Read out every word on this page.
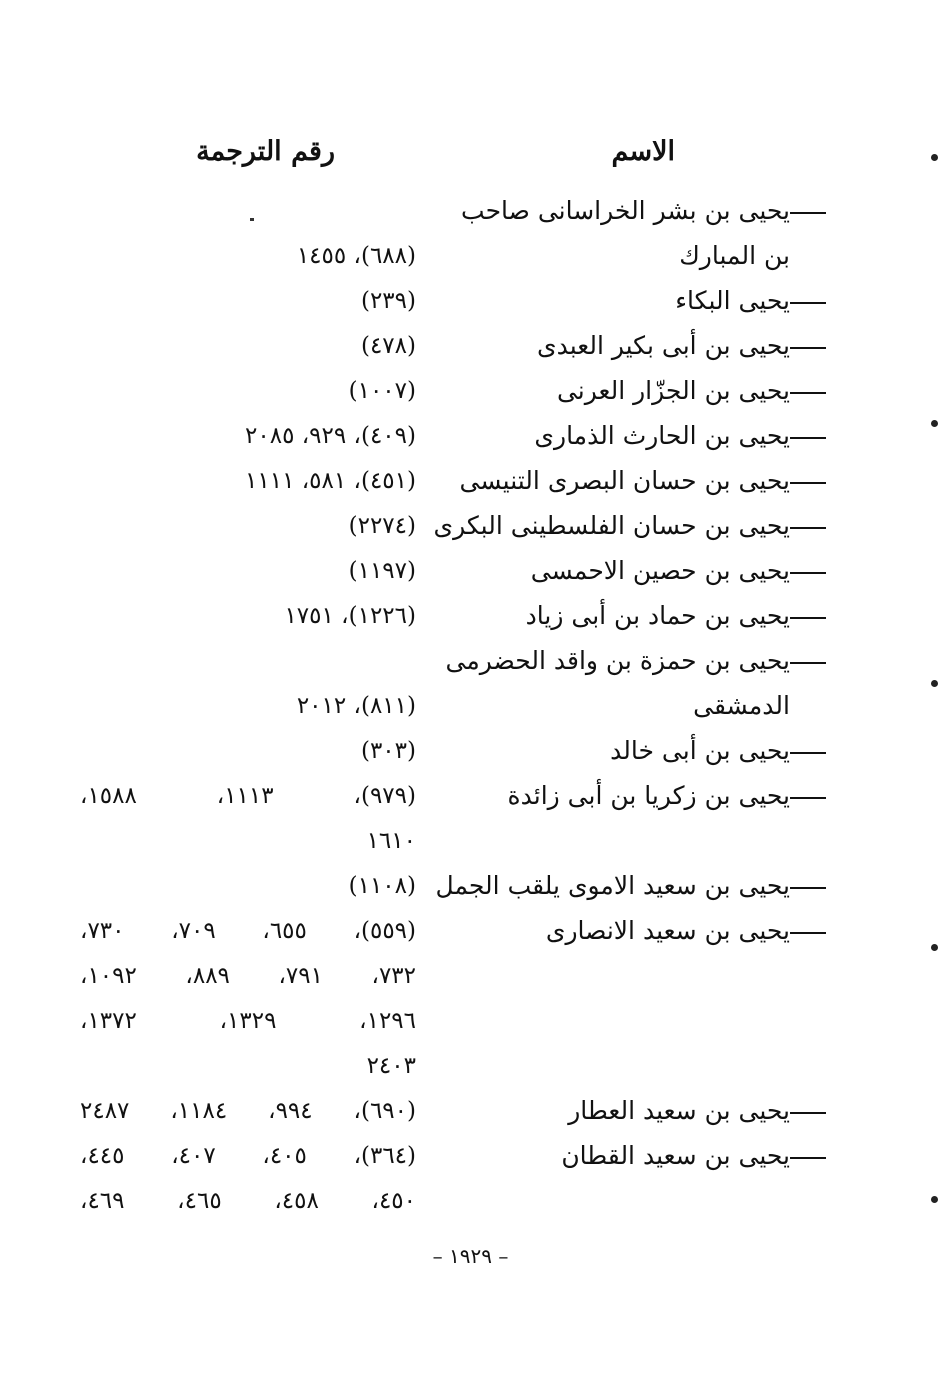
الاسم
رقم الترجمة
يحيى بن بشر الخراسانى صاحب
بن المبارك
(٦٨٨)، ١٤٥٥
يحيى البكاء
(٢٣٩)
يحيى بن أبى بكير العبدى
(٤٧٨)
يحيى بن الجزّار العرنى
(١٠٠٧)
يحيى بن الحارث الذمارى
(٤٠٩)، ٩٢٩، ٢٠٨٥
يحيى بن حسان البصرى التنيسى
(٤٥١)، ٥٨١، ١١١١
يحيى بن حسان الفلسطينى البكرى
(٢٢٧٤)
يحيى بن حصين الاحمسى
(١١٩٧)
يحيى بن حماد بن أبى زياد
(١٢٢٦)، ١٧٥١
يحيى بن حمزة بن واقد الحضرمى
الدمشقى
(٨١١)، ٢٠١٢
يحيى بن أبى خالد
(٣٠٣)
يحيى بن زكريا بن أبى زائدة
(٩٧٩)، ١١١٣، ١٥٨٨،
١٦١٠
يحيى بن سعيد الاموى يلقب الجمل
(١١٠٨)
يحيى بن سعيد الانصارى
(٥٥٩)، ٦٥٥، ٧٠٩، ٧٣٠،
٧٣٢، ٧٩١، ٨٨٩، ١٠٩٢،
١٢٩٦، ١٣٢٩، ١٣٧٢،
٢٤٠٣
يحيى بن سعيد العطار
(٦٩٠)، ٩٩٤، ١١٨٤، ٢٤٨٧
يحيى بن سعيد القطان
(٣٦٤)، ٤٠٥، ٤٠٧، ٤٤٥،
٤٥٠، ٤٥٨، ٤٦٥، ٤٦٩،
– ١٩٢٩ –
